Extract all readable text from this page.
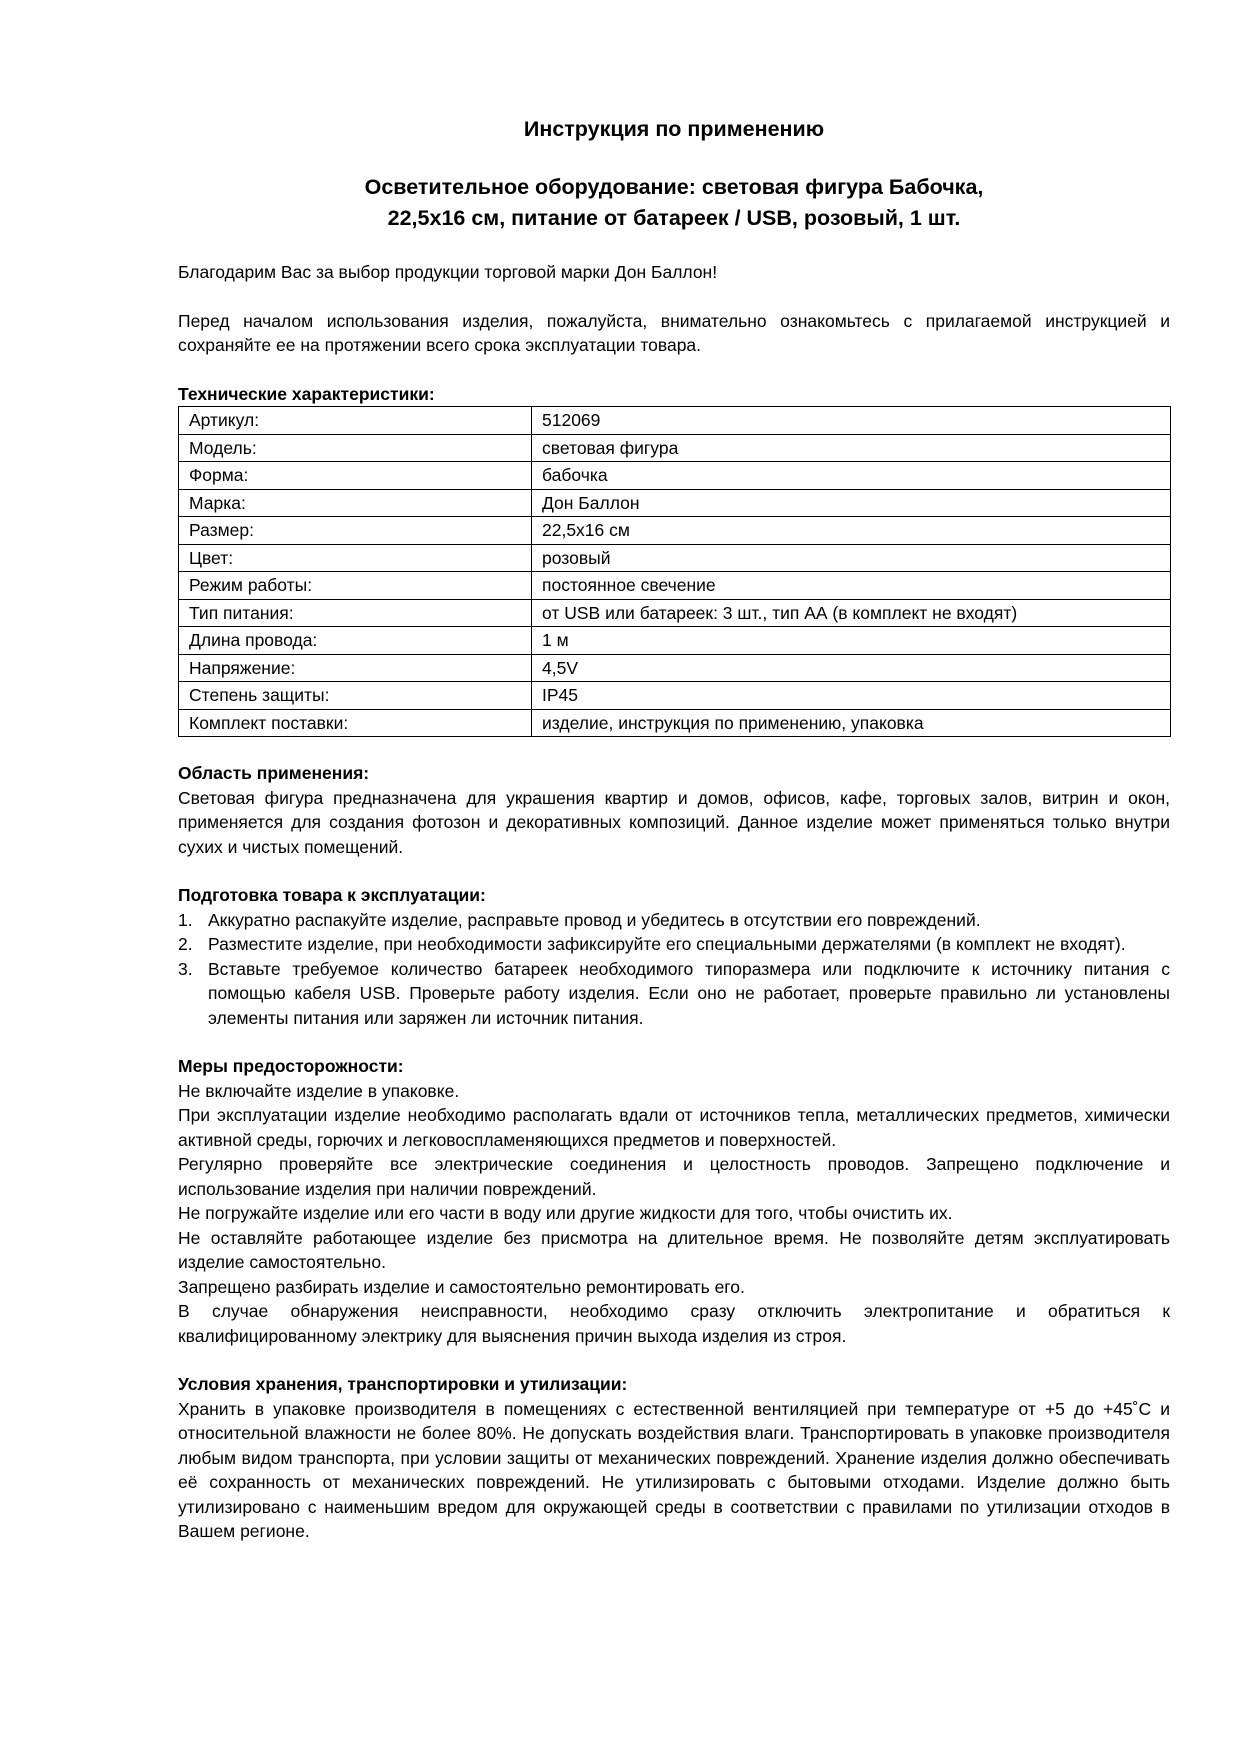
Инструкция по применению
Осветительное оборудование: световая фигура Бабочка,
22,5х16 см, питание от батареек / USB, розовый, 1 шт.

Благодарим Вас за выбор продукции торговой марки Дон Баллон!

Перед началом использования изделия, пожалуйста, внимательно ознакомьтесь с прилагаемой инструкцией и сохраняйте ее на протяжении всего срока эксплуатации товара.

Технические характеристики:

Артикул:	512069
Модель:	световая фигура
Форма:	бабочка
Марка:	Дон Баллон
Размер:	22,5х16 см
Цвет:	розовый
Режим работы:	постоянное свечение
Тип питания:	от USB или батареек: 3 шт., тип АА (в комплект не входят)
Длина провода:	1 м
Напряжение:	4,5V
Степень защиты:	IP45
Комплект поставки:	изделие, инструкция по применению, упаковка

Область применения:

Световая фигура предназначена для украшения квартир и домов, офисов, кафе, торговых залов, витрин и окон, применяется для создания фотозон и декоративных композиций. Данное изделие может применяться только внутри сухих и чистых помещений.

Подготовка товара к эксплуатации:

1. Аккуратно распакуйте изделие, расправьте провод и убедитесь в отсутствии его повреждений.
2. Разместите изделие, при необходимости зафиксируйте его специальными держателями (в комплект не входят).
3. Вставьте требуемое количество батареек необходимого типоразмера или подключите к источнику питания с помощью кабеля USB. Проверьте работу изделия. Если оно не работает, проверьте правильно ли установлены элементы питания или заряжен ли источник питания.

Меры предосторожности:

Не включайте изделие в упаковке.

При эксплуатации изделие необходимо располагать вдали от источников тепла, металлических предметов, химически активной среды, горючих и легковоспламеняющихся предметов и поверхностей.

Регулярно проверяйте все электрические соединения и целостность проводов. Запрещено подключение и использование изделия при наличии повреждений.

Не погружайте изделие или его части в воду или другие жидкости для того, чтобы очистить их.

Не оставляйте работающее изделие без присмотра на длительное время. Не позволяйте детям эксплуатировать изделие самостоятельно.

Запрещено разбирать изделие и самостоятельно ремонтировать его.

В случае обнаружения неисправности, необходимо сразу отключить электропитание и обратиться к квалифицированному электрику для выяснения причин выхода изделия из строя.

Условия хранения, транспортировки и утилизации:

Хранить в упаковке производителя в помещениях с естественной вентиляцией при температуре от +5 до +45˚С и относительной влажности не более 80%. Не допускать воздействия влаги. Транспортировать в упаковке производителя любым видом транспорта, при условии защиты от механических повреждений. Хранение изделия должно обеспечивать её сохранность от механических повреждений. Не утилизировать с бытовыми отходами. Изделие должно быть утилизировано с наименьшим вредом для окружающей среды в соответствии с правилами по утилизации отходов в Вашем регионе.
